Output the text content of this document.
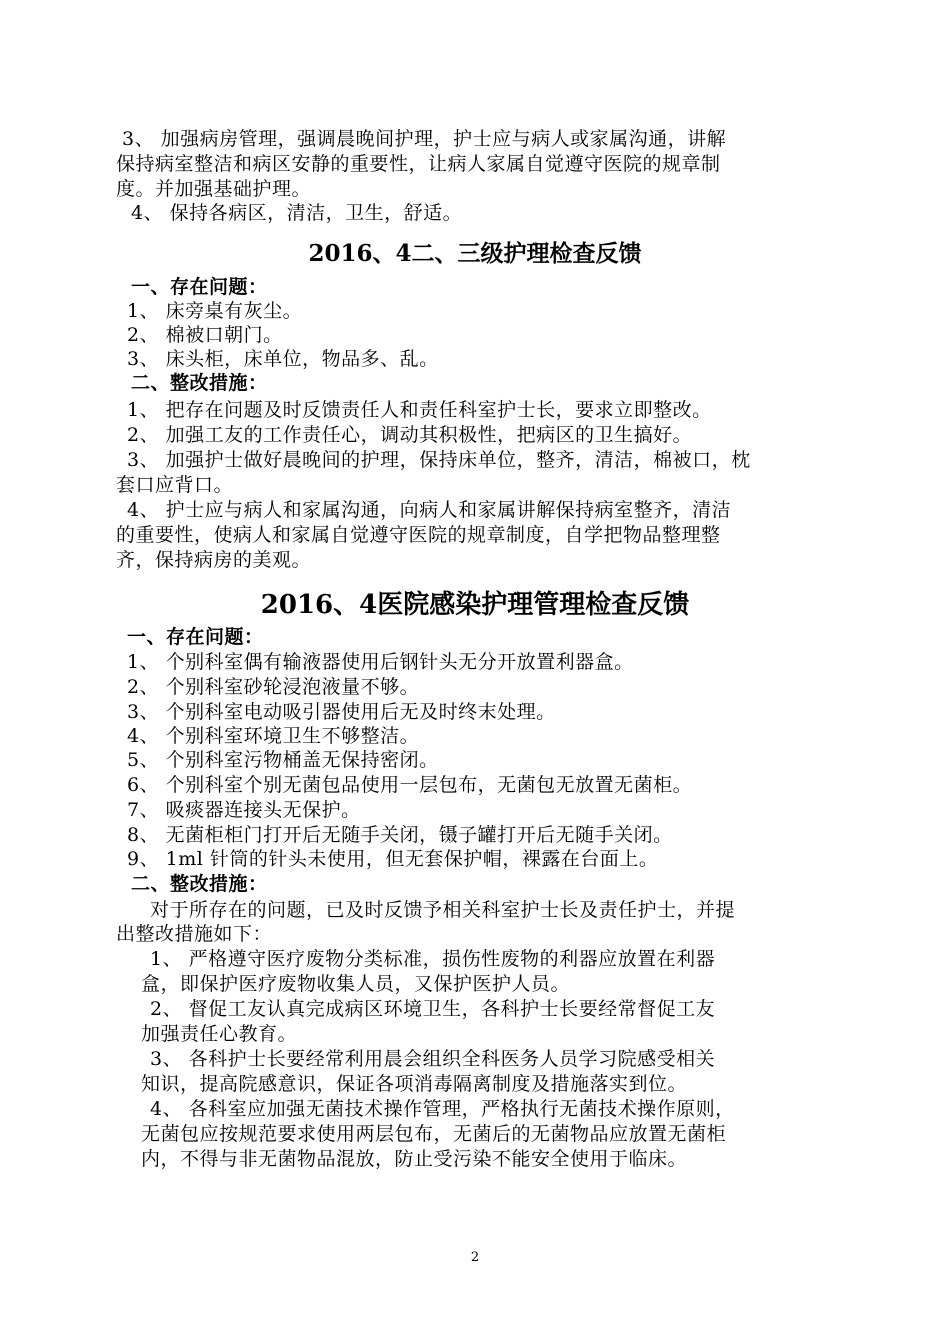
3、 加强病房管理，强调晨晚间护理，护士应与病人或家属沟通，讲解
保持病室整洁和病区安静的重要性，让病人家属自觉遵守医院的规章制
度。并加强基础护理。
4、 保持各病区，清洁，卫生，舒适。
2016、4二、三级护理检查反馈
一、存在问题：
1、 床旁桌有灰尘。
2、 棉被口朝门。
3、 床头柜，床单位，物品多、乱。
二、整改措施：
1、 把存在问题及时反馈责任人和责任科室护士长，要求立即整改。
2、 加强工友的工作责任心，调动其积极性，把病区的卫生搞好。
3、 加强护士做好晨晚间的护理，保持床单位，整齐，清洁，棉被口，枕
套口应背口。
4、 护士应与病人和家属沟通，向病人和家属讲解保持病室整齐，清洁
的重要性，使病人和家属自觉遵守医院的规章制度，自学把物品整理整
齐，保持病房的美观。
2016、4医院感染护理管理检查反馈
一、存在问题：
1、 个别科室偶有输液器使用后钢针头无分开放置利器盒。
2、 个别科室砂轮浸泡液量不够。
3、 个别科室电动吸引器使用后无及时终末处理。
4、 个别科室环境卫生不够整洁。
5、 个别科室污物桶盖无保持密闭。
6、 个别科室个别无菌包品使用一层包布，无菌包无放置无菌柜。
7、 吸痰器连接头无保护。
8、 无菌柜柜门打开后无随手关闭，镊子罐打开后无随手关闭。
9、 1ml 针筒的针头未使用，但无套保护帽，裸露在台面上。
二、整改措施：
对于所存在的问题，已及时反馈予相关科室护士长及责任护士，并提
出整改措施如下：
1、 严格遵守医疗废物分类标准，损伤性废物的利器应放置在利器
盒，即保护医疗废物收集人员，又保护医护人员。
2、 督促工友认真完成病区环境卫生，各科护士长要经常督促工友
加强责任心教育。
3、 各科护士长要经常利用晨会组织全科医务人员学习院感受相关
知识，提高院感意识，保证各项消毒隔离制度及措施落实到位。
4、 各科室应加强无菌技术操作管理，严格执行无菌技术操作原则，
无菌包应按规范要求使用两层包布，无菌后的无菌物品应放置无菌柜
内，不得与非无菌物品混放，防止受污染不能安全使用于临床。
2
